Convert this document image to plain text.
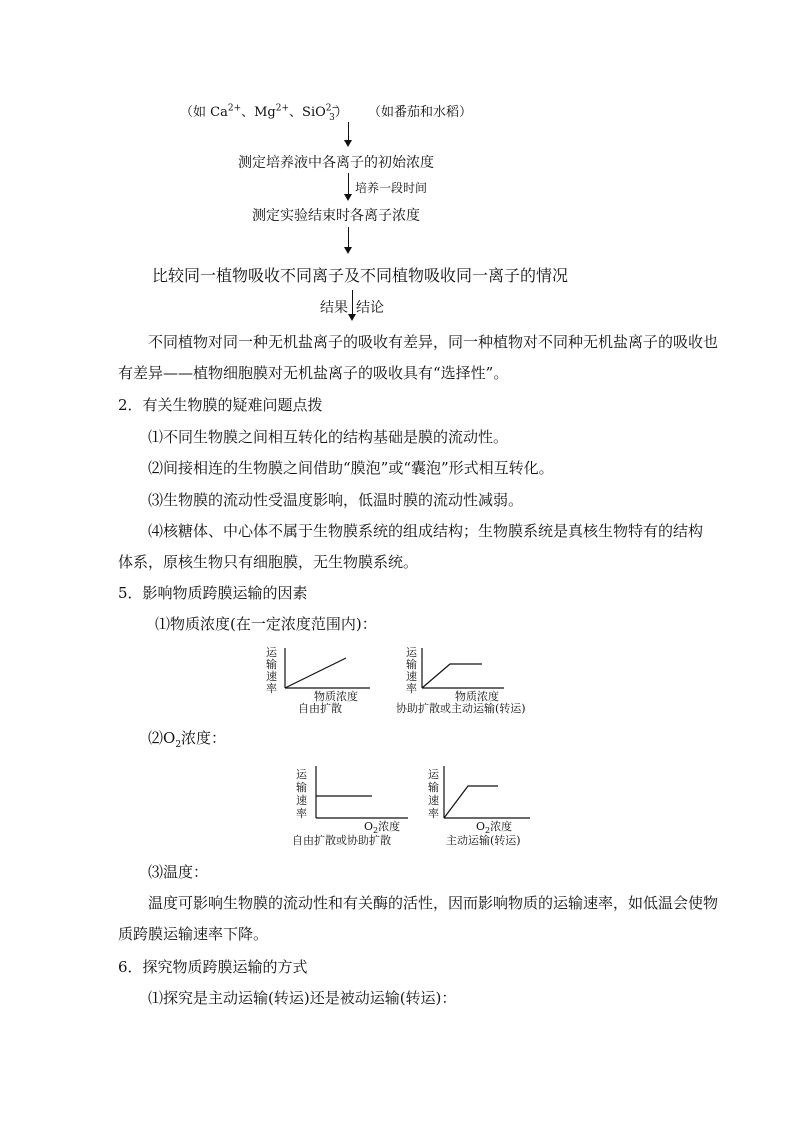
（如 $Ca^{2+}$、$Mg^{2+}$、SiO$^{2-}_3$） （如番茄和水稻）
测定培养液中各离子的初始浓度
培养一段时间
测定实验结束时各离子浓度
比较同一植物吸收不同离子及不同植物吸收同一离子的情况
结果 结论
不同植物对同一种无机盐离子的吸收有差异，同一种植物对不同种无机盐离子的吸收也
有差异——植物细胞膜对无机盐离子的吸收具有“选择性”。
2．有关生物膜的疑难问题点拨
⑴不同生物膜之间相互转化的结构基础是膜的流动性。
⑵间接相连的生物膜之间借助“膜泡”或“囊泡”形式相互转化。
⑶生物膜的流动性受温度影响，低温时膜的流动性减弱。
⑷核糖体、中心体不属于生物膜系统的组成结构；生物膜系统是真核生物特有的结构
体系，原核生物只有细胞膜，无生物膜系统。
5．影响物质跨膜运输的因素
⑴物质浓度(在一定浓度范围内)：
运
输
速
率
物质浓度
自由扩散
运
输
速
率
物质浓度
协助扩散或主动运输(转运)
$⑵O_2$浓度：
运
输
速
率
$O_2$浓度
自由扩散或协助扩散
运
输
速
率
$O_2$浓度
主动运输(转运)
⑶温度：
温度可影响生物膜的流动性和有关酶的活性，因而影响物质的运输速率，如低温会使物
质跨膜运输速率下降。
6．探究物质跨膜运输的方式
⑴探究是主动运输(转运)还是被动运输(转运)：
